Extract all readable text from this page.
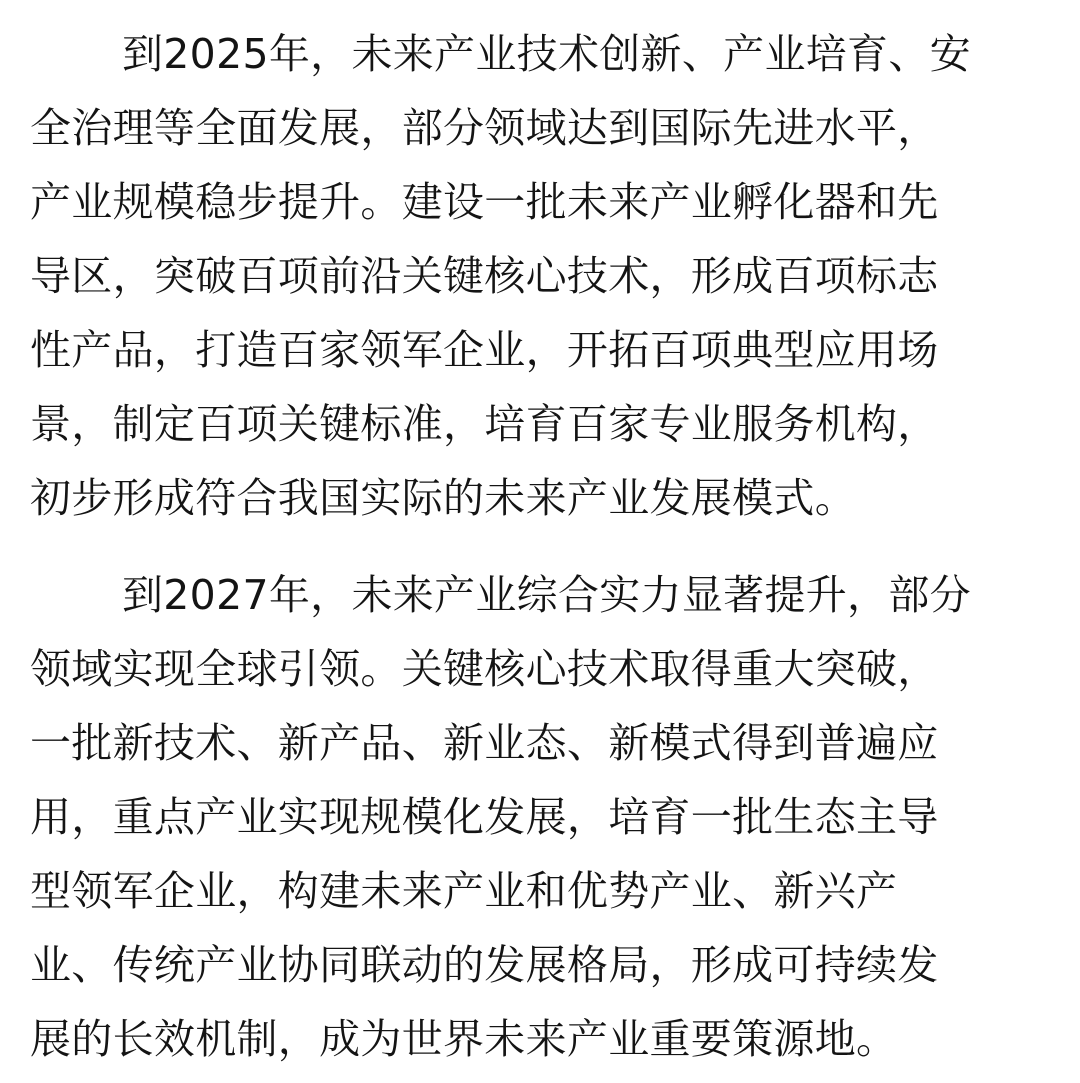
到2025年，未来产业技术创新、产业培育、安

全治理等全面发展，部分领域达到国际先进水平，

产业规模稳步提升。建设一批未来产业孵化器和先

导区，突破百项前沿关键核心技术，形成百项标志

性产品，打造百家领军企业，开拓百项典型应用场

景，制定百项关键标准，培育百家专业服务机构，

初步形成符合我国实际的未来产业发展模式。

到2027年，未来产业综合实力显著提升，部分

领域实现全球引领。关键核心技术取得重大突破，

一批新技术、新产品、新业态、新模式得到普遍应

用，重点产业实现规模化发展，培育一批生态主导

型领军企业，构建未来产业和优势产业、新兴产

业、传统产业协同联动的发展格局，形成可持续发

展的长效机制，成为世界未来产业重要策源地。
